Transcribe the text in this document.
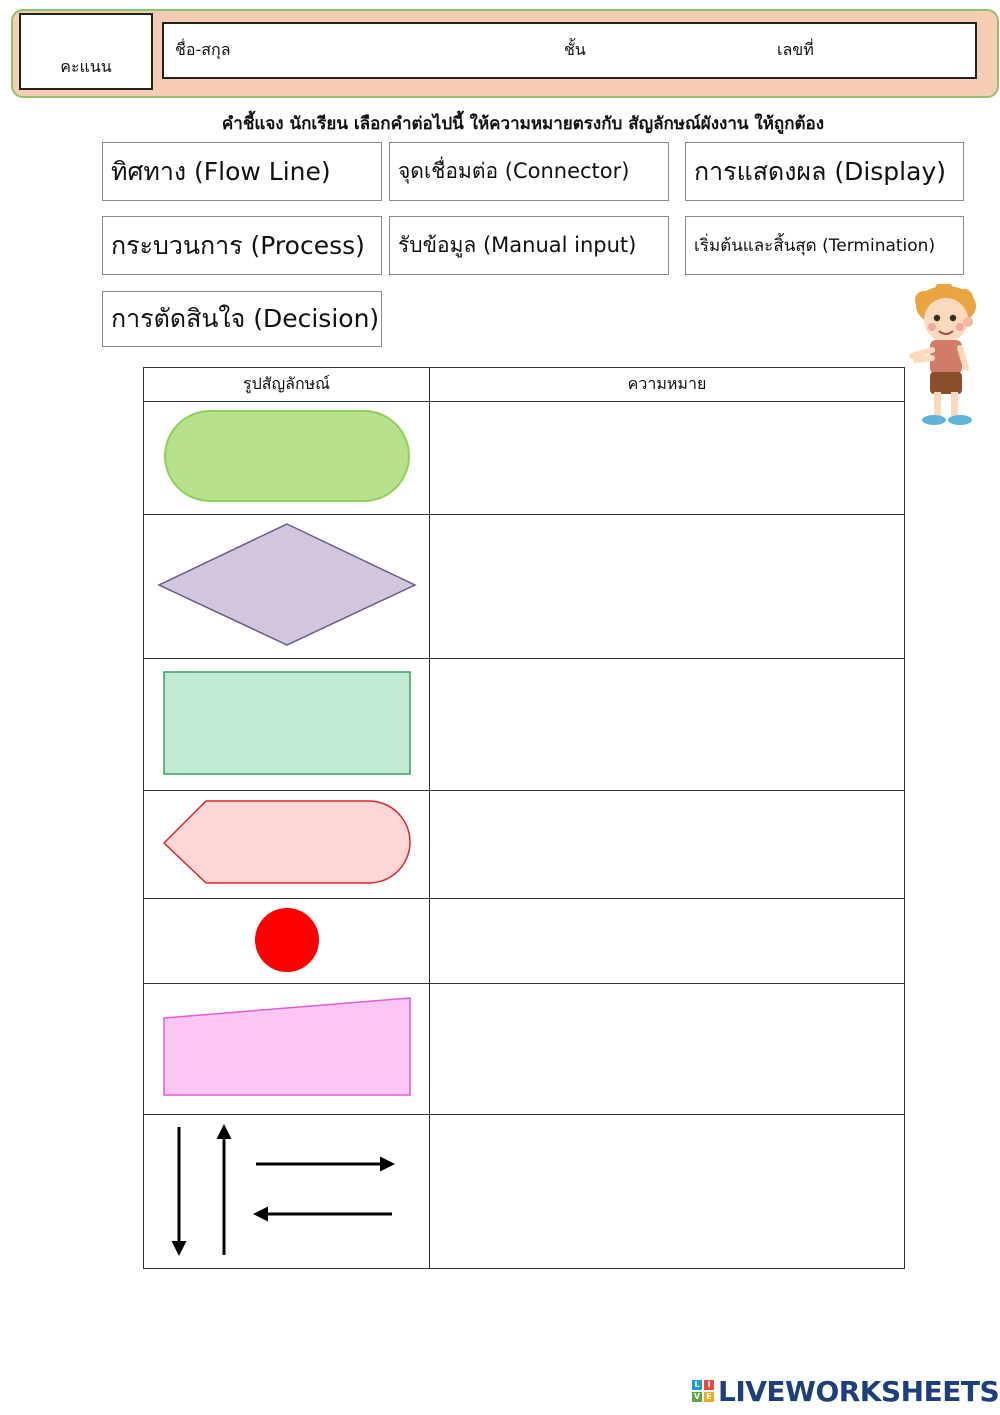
คะแนน
ชื่อ-สกุล	ชั้น	เลขที่
คำชี้แจง นักเรียน เลือกคำต่อไปนี้ ให้ความหมายตรงกับ สัญลักษณ์ผังงาน ให้ถูกต้อง
ทิศทาง (Flow Line)	จุดเชื่อมต่อ (Connector)	การแสดงผล (Display)
กระบวนการ (Process)	รับข้อมูล (Manual input)	เริ่มต้นและสิ้นสุด (Termination)
การตัดสินใจ (Decision)
รูปสัญลักษณ์	ความหมาย

L I
V E LIVEWORKSHEETS
